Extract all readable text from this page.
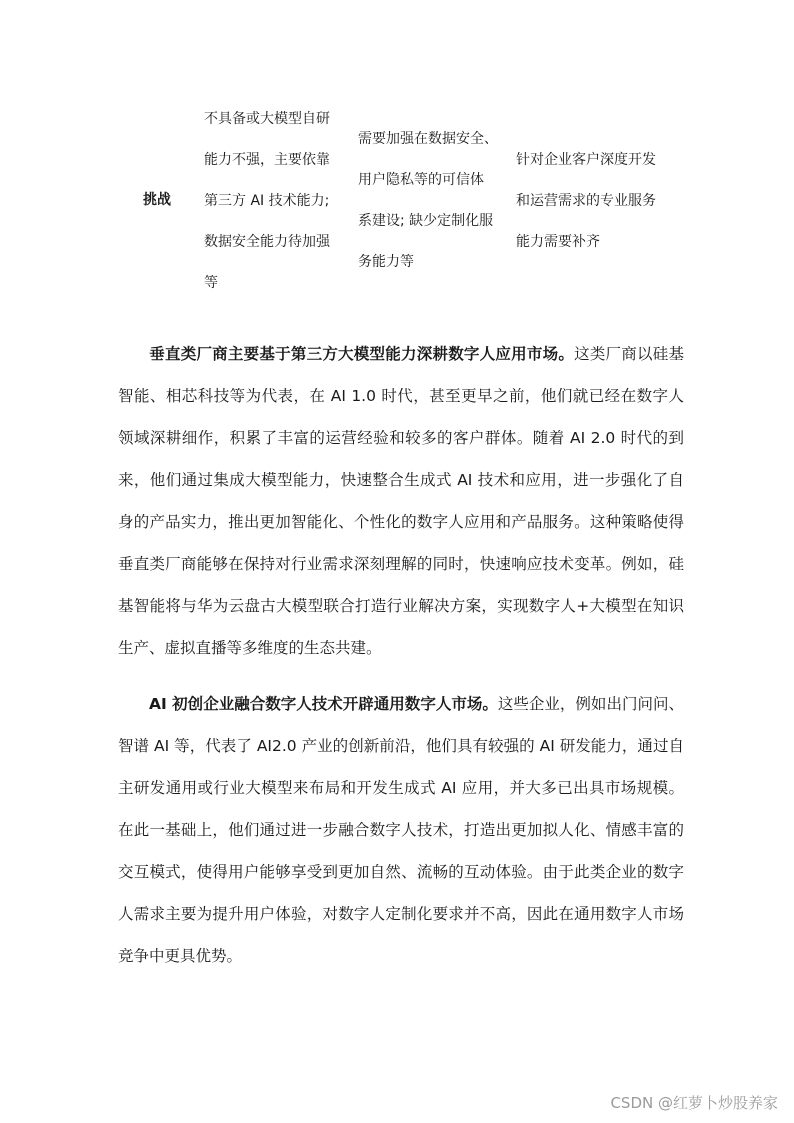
挑战
不具备或大模型自研
能力不强，主要依靠
第三方 AI 技术能力;
数据安全能力待加强
等
需要加强在数据安全、
用户隐私等的可信体
系建设; 缺少定制化服
务能力等
针对企业客户深度开发
和运营需求的专业服务
能力需要补齐

垂直类厂商主要基于第三方大模型能力深耕数字人应用市场。这类厂商以硅基智能、相芯科技等为代表，在 AI 1.0 时代，甚至更早之前，他们就已经在数字人领域深耕细作，积累了丰富的运营经验和较多的客户群体。随着 AI 2.0 时代的到来，他们通过集成大模型能力，快速整合生成式 AI 技术和应用，进一步强化了自身的产品实力，推出更加智能化、个性化的数字人应用和产品服务。这种策略使得垂直类厂商能够在保持对行业需求深刻理解的同时，快速响应技术变革。例如，硅基智能将与华为云盘古大模型联合打造行业解决方案，实现数字人+大模型在知识生产、虚拟直播等多维度的生态共建。

AI 初创企业融合数字人技术开辟通用数字人市场。这些企业，例如出门问问、智谱 AI 等，代表了 AI2.0 产业的创新前沿，他们具有较强的 AI 研发能力，通过自主研发通用或行业大模型来布局和开发生成式 AI 应用，并大多已出具市场规模。在此一基础上，他们通过进一步融合数字人技术，打造出更加拟人化、情感丰富的交互模式，使得用户能够享受到更加自然、流畅的互动体验。由于此类企业的数字人需求主要为提升用户体验，对数字人定制化要求并不高，因此在通用数字人市场竞争中更具优势。

CSDN @红萝卜炒股养家
